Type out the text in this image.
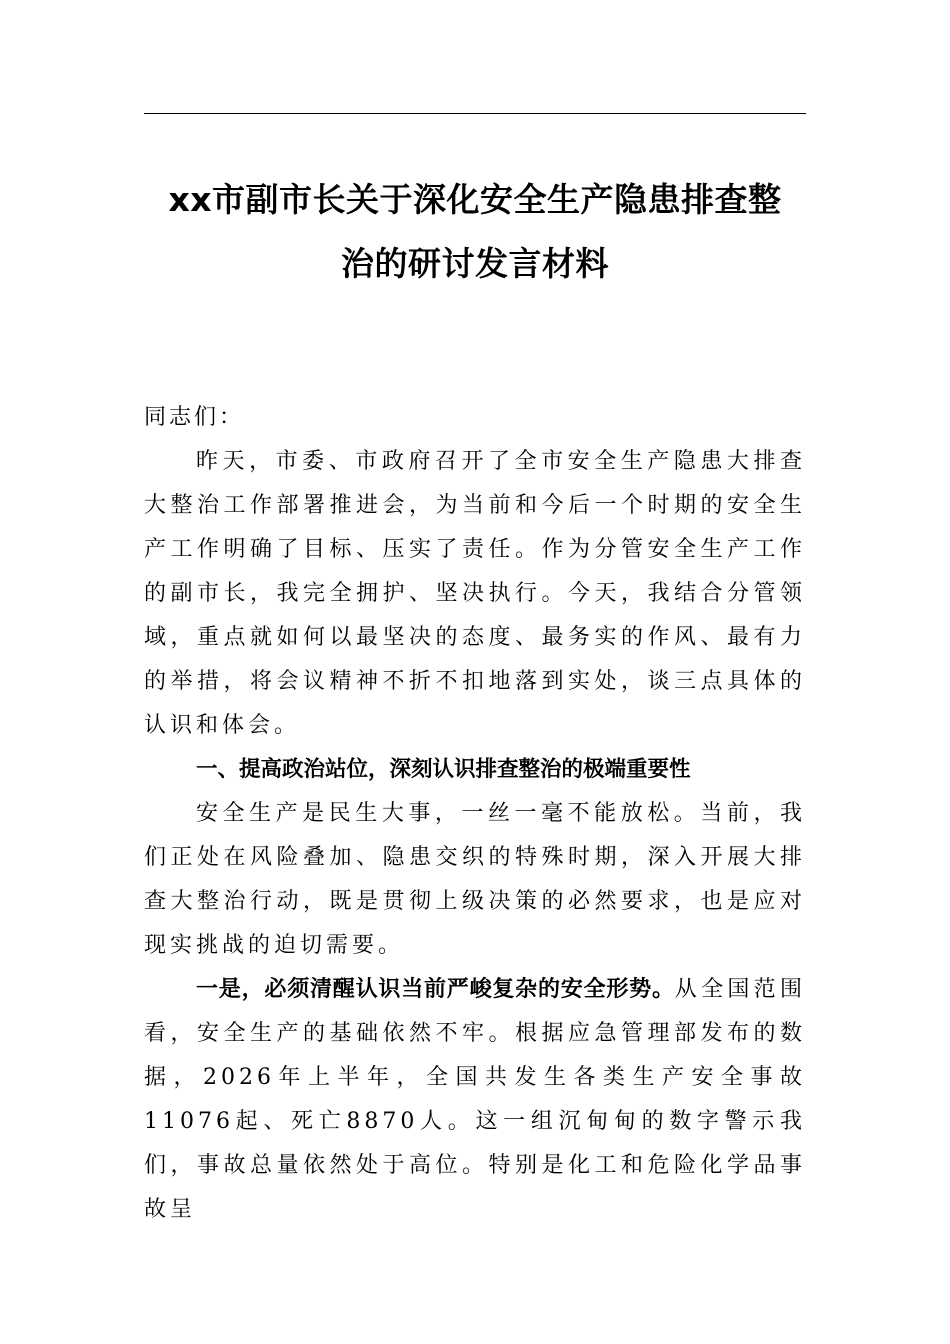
xx市副市长关于深化安全生产隐患排查整
治的研讨发言材料

同志们：

昨天，市委、市政府召开了全市安全生产隐患大排查大整治工作部署推进会，为当前和今后一个时期的安全生产工作明确了目标、压实了责任。作为分管安全生产工作的副市长，我完全拥护、坚决执行。今天，我结合分管领域，重点就如何以最坚决的态度、最务实的作风、最有力的举措，将会议精神不折不扣地落到实处，谈三点具体的认识和体会。

一、提高政治站位，深刻认识排查整治的极端重要性

安全生产是民生大事，一丝一毫不能放松。当前，我们正处在风险叠加、隐患交织的特殊时期，深入开展大排查大整治行动，既是贯彻上级决策的必然要求，也是应对现实挑战的迫切需要。

一是，必须清醒认识当前严峻复杂的安全形势。从全国范围看，安全生产的基础依然不牢。根据应急管理部发布的数据，2026年上半年，全国共发生各类生产安全事故11076起、死亡8870人。这一组沉甸甸的数字警示我们，事故总量依然处于高位。特别是化工和危险化学品事故呈
